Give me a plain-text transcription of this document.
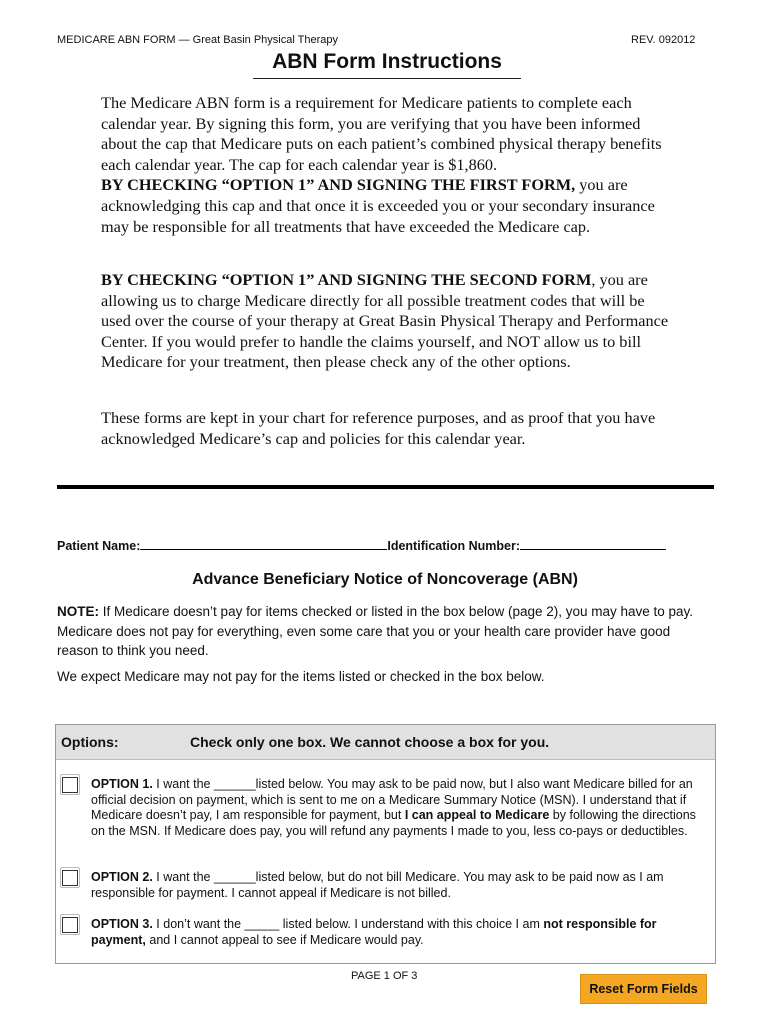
MEDICARE ABN FORM — Great Basin Physical Therapy	REV. 092012
ABN Form Instructions
The Medicare ABN form is a requirement for Medicare patients to complete each calendar year. By signing this form, you are verifying that you have been informed about the cap that Medicare puts on each patient’s combined physical therapy benefits each calendar year. The cap for each calendar year is $1,860.
BY CHECKING “OPTION 1” AND SIGNING THE FIRST FORM, you are acknowledging this cap and that once it is exceeded you or your secondary insurance may be responsible for all treatments that have exceeded the Medicare cap.
BY CHECKING “OPTION 1” AND SIGNING THE SECOND FORM, you are allowing us to charge Medicare directly for all possible treatment codes that will be used over the course of your therapy at Great Basin Physical Therapy and Performance Center. If you would prefer to handle the claims yourself, and NOT allow us to bill Medicare for your treatment, then please check any of the other options.
These forms are kept in your chart for reference purposes, and as proof that you have acknowledged Medicare’s cap and policies for this calendar year.
Patient Name:	Identification Number:
Advance Beneficiary Notice of Noncoverage (ABN)
NOTE: If Medicare doesn’t pay for items checked or listed in the box below (page 2), you may have to pay. Medicare does not pay for everything, even some care that you or your health care provider have good reason to think you need.
We expect Medicare may not pay for the items listed or checked in the box below.
Options:	Check only one box. We cannot choose a box for you.
OPTION 1. I want the ______listed below. You may ask to be paid now, but I also want Medicare billed for an official decision on payment, which is sent to me on a Medicare Summary Notice (MSN). I understand that if Medicare doesn’t pay, I am responsible for payment, but I can appeal to Medicare by following the directions on the MSN. If Medicare does pay, you will refund any payments I made to you, less co-pays or deductibles.
OPTION 2. I want the ______listed below, but do not bill Medicare. You may ask to be paid now as I am responsible for payment. I cannot appeal if Medicare is not billed.
OPTION 3. I don’t want the _____ listed below. I understand with this choice I am not responsible for payment, and I cannot appeal to see if Medicare would pay.
PAGE 1 OF 3
Reset Form Fields
